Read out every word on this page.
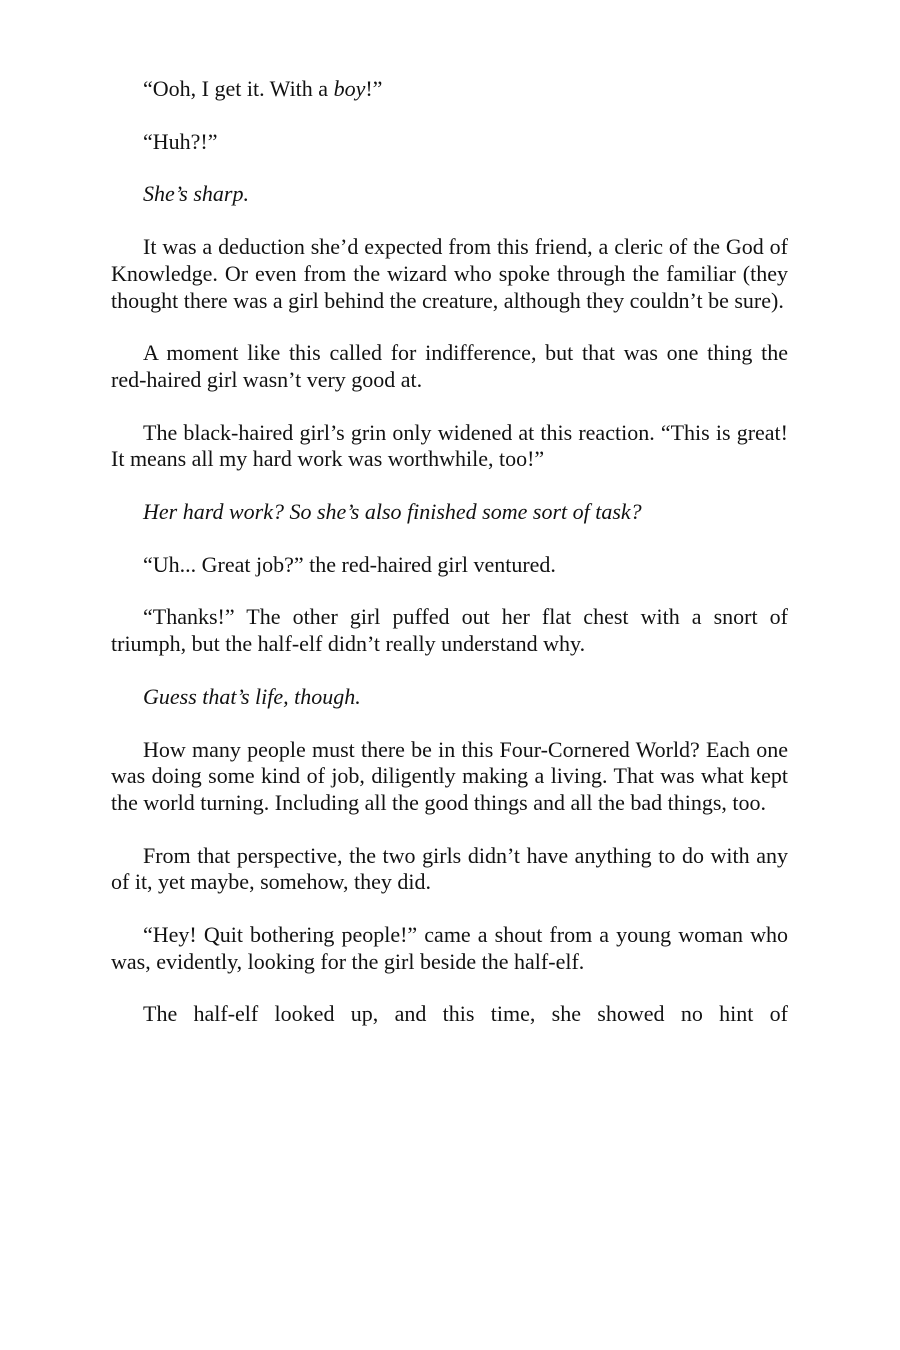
“Ooh, I get it. With a boy!”

“Huh?!”

She’s sharp.

It was a deduction she’d expected from this friend, a cleric of the God of Knowledge. Or even from the wizard who spoke through the familiar (they thought there was a girl behind the creature, although they couldn’t be sure).

A moment like this called for indifference, but that was one thing the red-haired girl wasn’t very good at.

The black-haired girl’s grin only widened at this reaction. “This is great! It means all my hard work was worthwhile, too!”

Her hard work? So she’s also finished some sort of task?

“Uh... Great job?” the red-haired girl ventured.

“Thanks!” The other girl puffed out her flat chest with a snort of triumph, but the half-elf didn’t really understand why.

Guess that’s life, though.

How many people must there be in this Four-Cornered World? Each one was doing some kind of job, diligently making a living. That was what kept the world turning. Including all the good things and all the bad things, too.

From that perspective, the two girls didn’t have anything to do with any of it, yet maybe, somehow, they did.

“Hey! Quit bothering people!” came a shout from a young woman who was, evidently, looking for the girl beside the half-elf.

The half-elf looked up, and this time, she showed no hint of
